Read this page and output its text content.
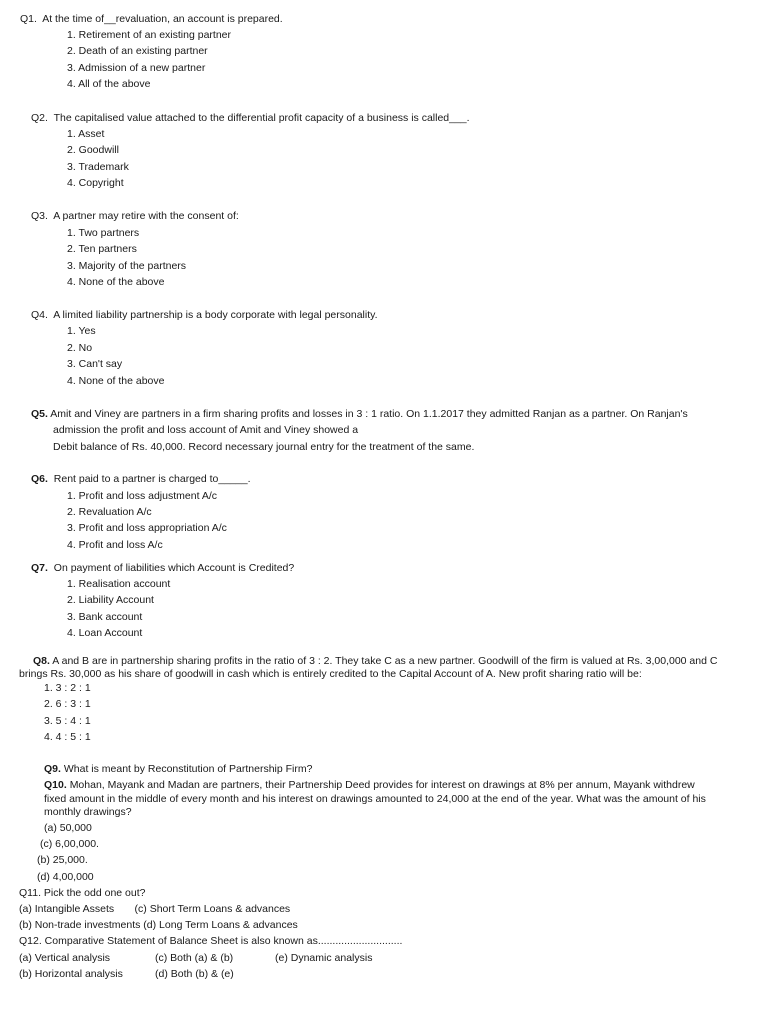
Q1. At the time of__revaluation, an account is prepared.
1. Retirement of an existing partner
2. Death of an existing partner
3. Admission of a new partner
4. All of the above
Q2. The capitalised value attached to the differential profit capacity of a business is called___.
1. Asset
2. Goodwill
3. Trademark
4. Copyright
Q3. A partner may retire with the consent of:
1. Two partners
2. Ten partners
3. Majority of the partners
4. None of the above
Q4. A limited liability partnership is a body corporate with legal personality.
1. Yes
2. No
3. Can't say
4. None of the above
Q5. Amit and Viney are partners in a firm sharing profits and losses in 3 : 1 ratio. On 1.1.2017 they admitted Ranjan as a partner. On Ranjan's
admission the profit and loss account of Amit and Viney showed a
Debit balance of Rs. 40,000. Record necessary journal entry for the treatment of the same.
Q6. Rent paid to a partner is charged to_____.
1. Profit and loss adjustment A/c
2. Revaluation A/c
3. Profit and loss appropriation A/c
4. Profit and loss A/c
Q7. On payment of liabilities which Account is Credited?
1. Realisation account
2. Liability Account
3. Bank account
4. Loan Account
Q8. A and B are in partnership sharing profits in the ratio of 3 : 2. They take C as a new partner. Goodwill of the firm is valued at Rs. 3,00,000 and C
brings Rs. 30,000 as his share of goodwill in cash which is entirely credited to the Capital Account of A. New profit sharing ratio will be:
1. 3 : 2 : 1
2. 6 : 3 : 1
3. 5 : 4 : 1
4. 4 : 5 : 1
Q9. What is meant by Reconstitution of Partnership Firm?
Q10. Mohan, Mayank and Madan are partners, their Partnership Deed provides for interest on drawings at 8% per annum, Mayank withdrew
fixed amount in the middle of every month and his interest on drawings amounted to 24,000 at the end of the year. What was the amount of his
monthly drawings?
(a) 50,000
(c) 6,00,000.
(b) 25,000.
(d) 4,00,000
Q11. Pick the odd one out?
(a) Intangible Assets       (c) Short Term Loans & advances
(b) Non-trade investments (d) Long Term Loans & advances
Q12. Comparative Statement of Balance Sheet is also known as.............................
(a) Vertical analysis	(c) Both (a) & (b)	(e) Dynamic analysis
(b) Horizontal analysis	(d) Both (b) & (e)
